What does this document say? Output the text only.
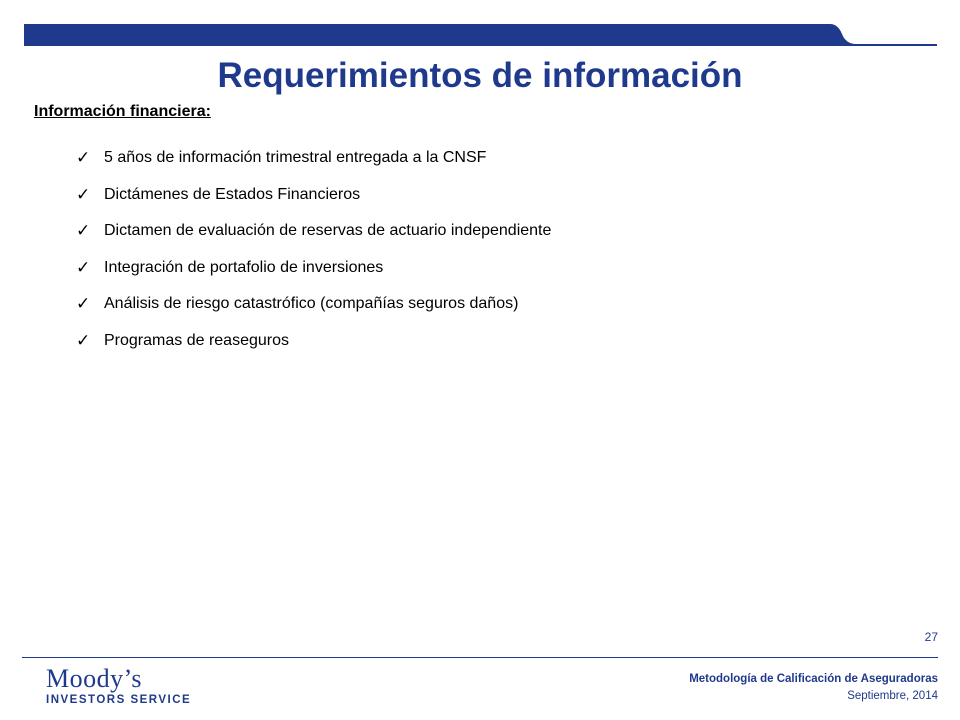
Requerimientos de información
Información financiera:
✓ 5 años de información trimestral entregada a la CNSF
✓ Dictámenes de Estados Financieros
✓ Dictamen de evaluación de reservas de actuario independiente
✓ Integración de portafolio de inversiones
✓ Análisis de riesgo catastrófico (compañías seguros daños)
✓ Programas de reaseguros
27
Moody’s
INVESTORS SERVICE
Metodología de Calificación de Aseguradoras
Septiembre, 2014
